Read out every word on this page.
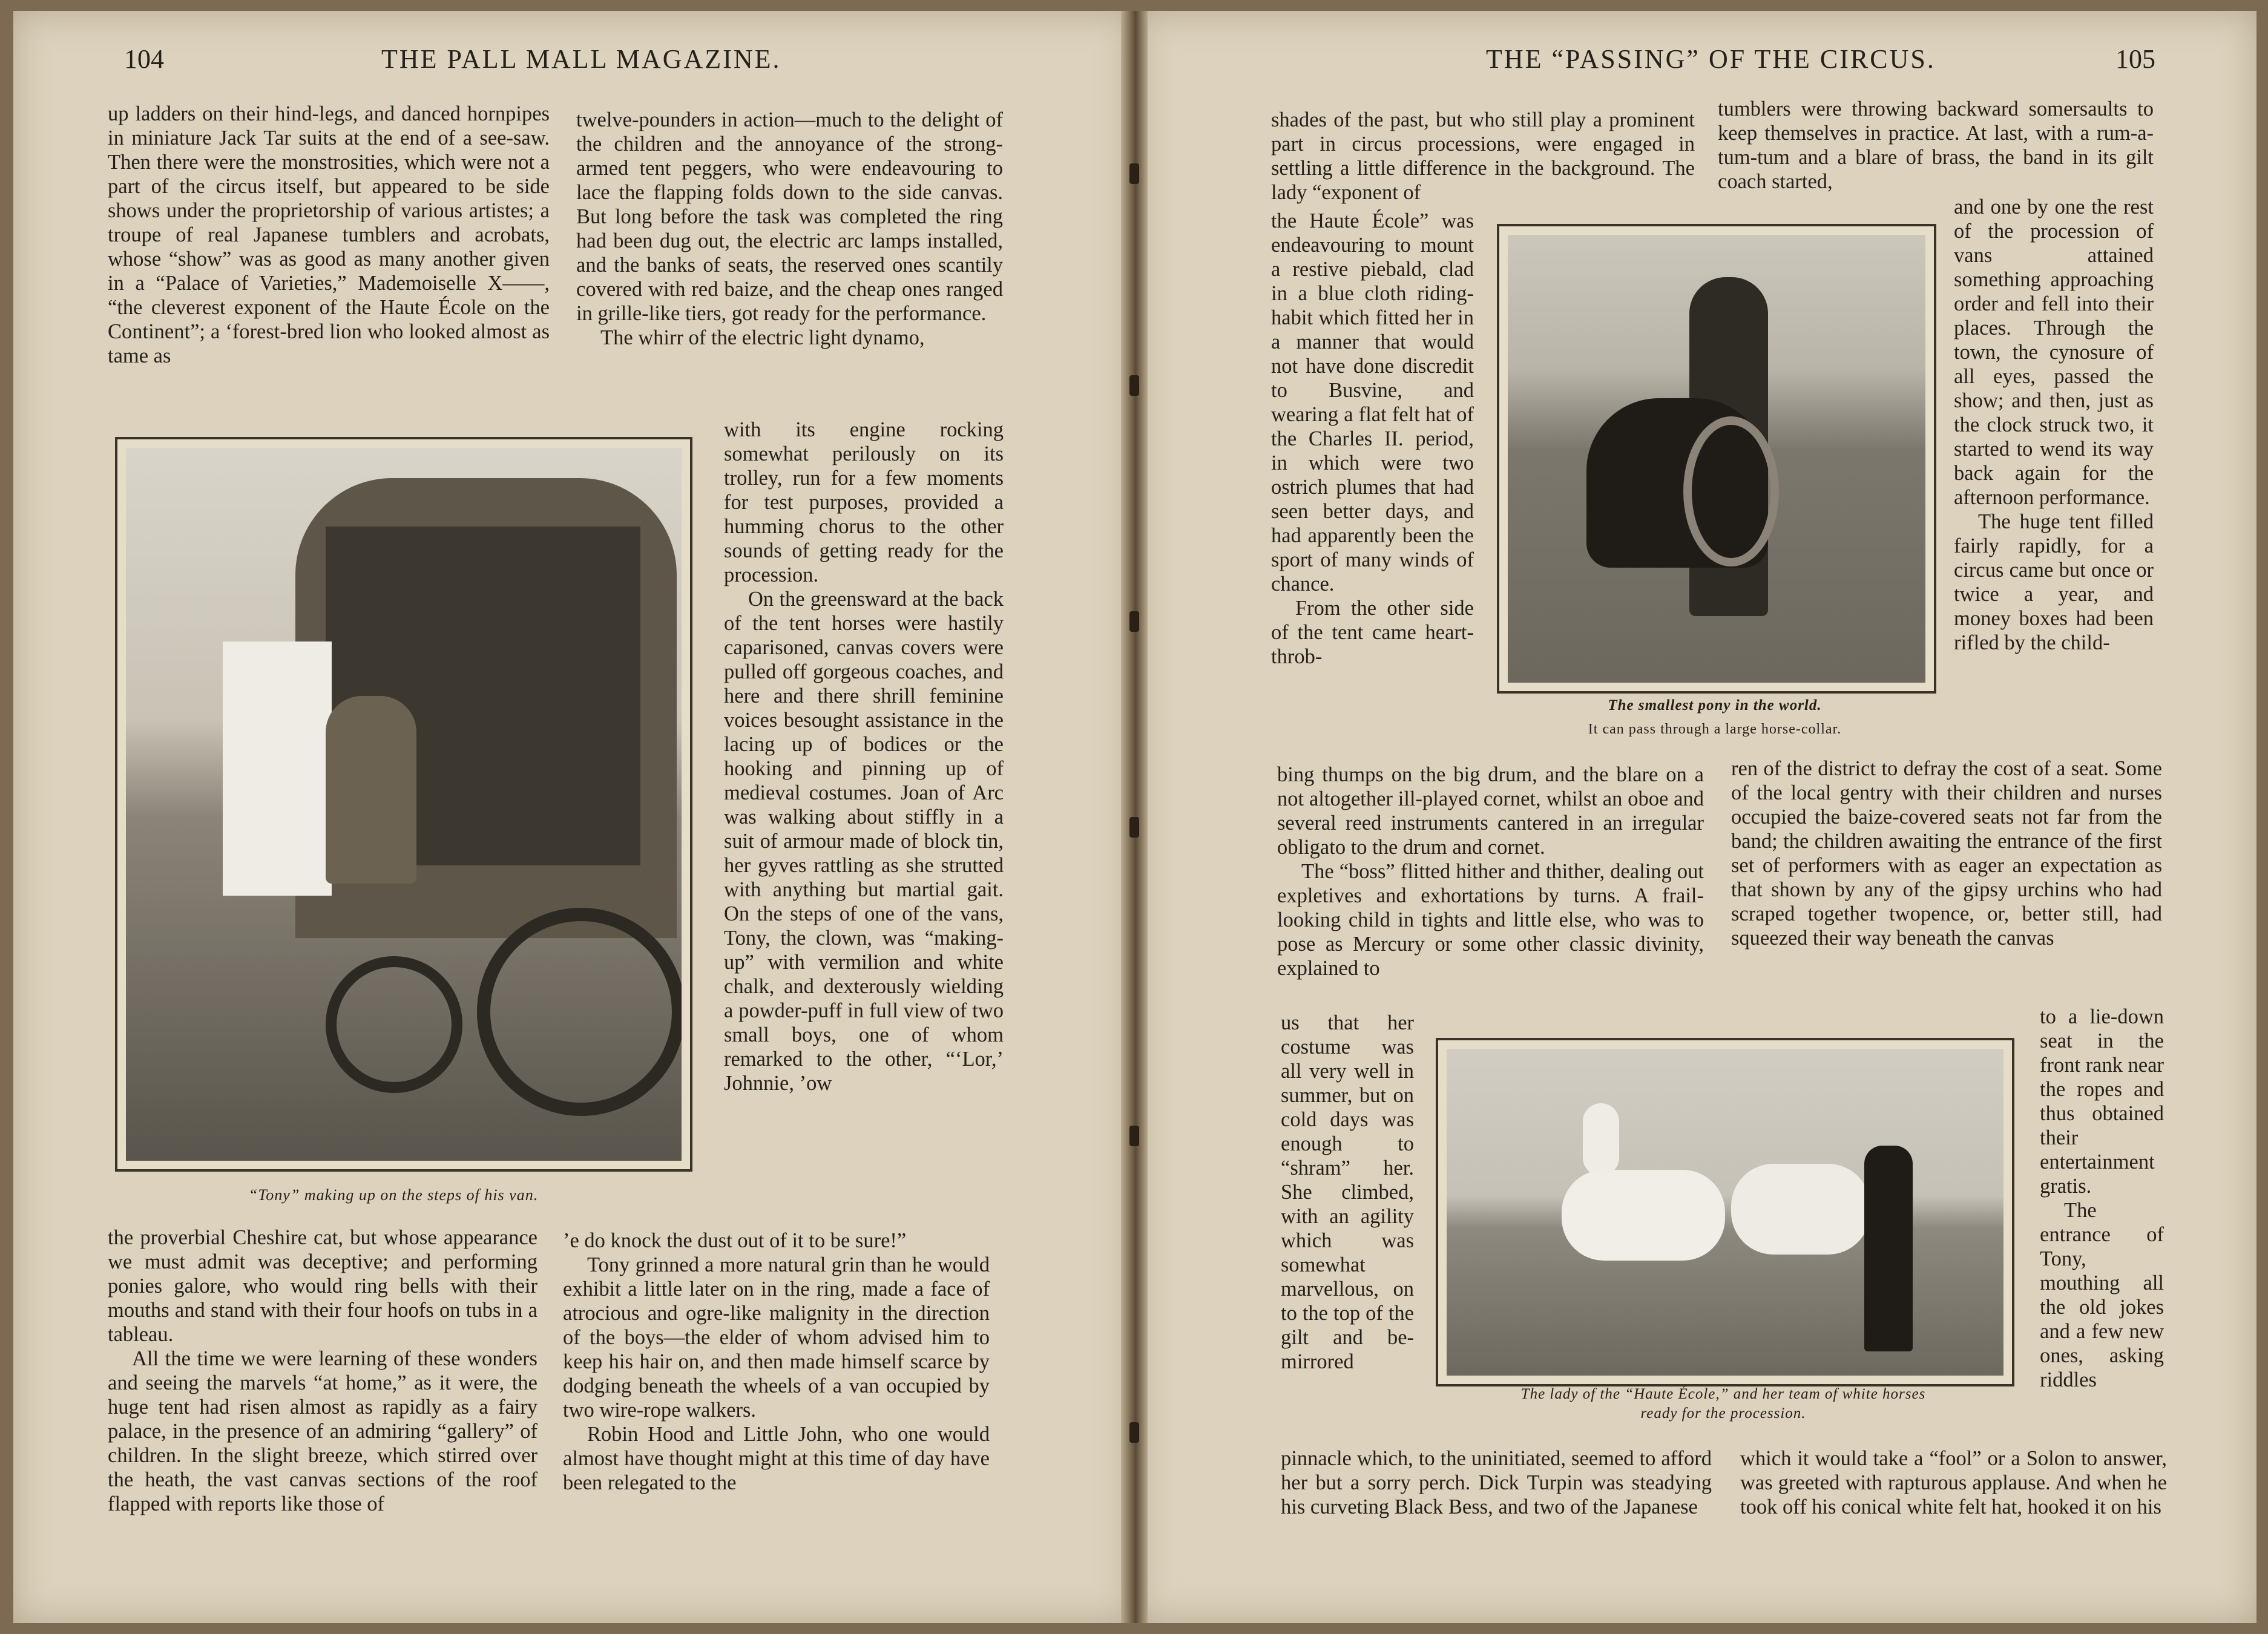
104	THE PALL MALL MAGAZINE.

up ladders on their hind-legs, and danced hornpipes in miniature Jack Tar suits at the end of a see-saw. Then there were the monstrosities, which were not a part of the circus itself, but appeared to be side shows under the proprietorship of various artistes; a troupe of real Japanese tumblers and acrobats, whose “show” was as good as many another given in a “Palace of Varieties,” Mademoiselle X——, “the cleverest exponent of the Haute École on the Continent”; a ‘forest-bred lion who looked almost as tame as

twelve-pounders in action—much to the delight of the children and the annoyance of the strong-armed tent peggers, who were endeavouring to lace the flapping folds down to the side canvas. But long before the task was completed the ring had been dug out, the electric arc lamps installed, and the banks of seats, the reserved ones scantily covered with red baize, and the cheap ones ranged in grille-like tiers, got ready for the performance.

The whirr of the electric light dynamo,

“Tony” making up on the steps of his van.

with its engine rocking somewhat perilously on its trolley, run for a few moments for test purposes, provided a humming chorus to the other sounds of getting ready for the procession.

On the greensward at the back of the tent horses were hastily caparisoned, canvas covers were pulled off gorgeous coaches, and here and there shrill feminine voices besought assistance in the lacing up of bodices or the hooking and pinning up of medieval costumes. Joan of Arc was walking about stiffly in a suit of armour made of block tin, her gyves rattling as she strutted with anything but martial gait. On the steps of one of the vans, Tony, the clown, was “making-up” with vermilion and white chalk, and dexterously wielding a powder-puff in full view of two small boys, one of whom remarked to the other, “‘Lor,’ Johnnie, ’ow

the proverbial Cheshire cat, but whose appearance we must admit was deceptive; and performing ponies galore, who would ring bells with their mouths and stand with their four hoofs on tubs in a tableau.

All the time we were learning of these wonders and seeing the marvels “at home,” as it were, the huge tent had risen almost as rapidly as a fairy palace, in the presence of an admiring “gallery” of children. In the slight breeze, which stirred over the heath, the vast canvas sections of the roof flapped with reports like those of

’e do knock the dust out of it to be sure!”

Tony grinned a more natural grin than he would exhibit a little later on in the ring, made a face of atrocious and ogre-like malignity in the direction of the boys—the elder of whom advised him to keep his hair on, and then made himself scarce by dodging beneath the wheels of a van occupied by two wire-rope walkers.

Robin Hood and Little John, who one would almost have thought might at this time of day have been relegated to the

THE “PASSING” OF THE CIRCUS.	105

shades of the past, but who still play a prominent part in circus processions, were engaged in settling a little difference in the background. The lady “exponent of

the Haute École” was endeavouring to mount a restive piebald, clad in a blue cloth riding-habit which fitted her in a manner that would not have done discredit to Busvine, and wearing a flat felt hat of the Charles II. period, in which were two ostrich plumes that had seen better days, and had apparently been the sport of many winds of chance.

From the other side of the tent came heart-throb-

The smallest pony in the world.
It can pass through a large horse-collar.

tumblers were throwing backward somersaults to keep themselves in practice. At last, with a rum-a-tum-tum and a blare of brass, the band in its gilt coach started,

and one by one the rest of the procession of vans attained something approaching order and fell into their places. Through the town, the cynosure of all eyes, passed the show; and then, just as the clock struck two, it started to wend its way back again for the afternoon performance.

The huge tent filled fairly rapidly, for a circus came but once or twice a year, and money boxes had been rifled by the child-

bing thumps on the big drum, and the blare on a not altogether ill-played cornet, whilst an oboe and several reed instruments cantered in an irregular obligato to the drum and cornet.

The “boss” flitted hither and thither, dealing out expletives and exhortations by turns. A frail-looking child in tights and little else, who was to pose as Mercury or some other classic divinity, explained to

ren of the district to defray the cost of a seat. Some of the local gentry with their children and nurses occupied the baize-covered seats not far from the band; the children awaiting the entrance of the first set of performers with as eager an expectation as that shown by any of the gipsy urchins who had scraped together twopence, or, better still, had squeezed their way beneath the canvas

us that her costume was all very well in summer, but on cold days was enough to “shram” her. She climbed, with an agility which was somewhat marvellous, on to the top of the gilt and be-mirrored

The lady of the “Haute École,” and her team of white horses
ready for the procession.

to a lie-down seat in the front rank near the ropes and thus obtained their entertainment gratis.

The entrance of Tony, mouthing all the old jokes and a few new ones, asking riddles

pinnacle which, to the uninitiated, seemed to afford her but a sorry perch. Dick Turpin was steadying his curveting Black Bess, and two of the Japanese

which it would take a “fool” or a Solon to answer, was greeted with rapturous applause. And when he took off his conical white felt hat, hooked it on his
